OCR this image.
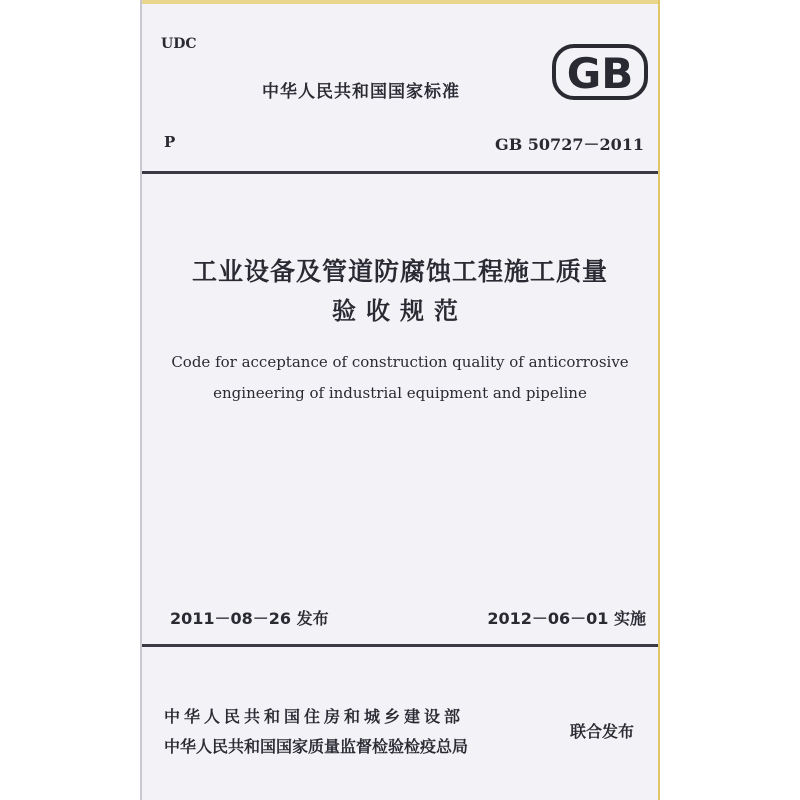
UDC
中华人民共和国国家标准	GB
P	GB 50727－2011
工业设备及管道防腐蚀工程施工质量
验收规范
Code for acceptance of construction quality of anticorrosive
engineering of industrial equipment and pipeline
2011－08－26 发布	2012－06－01 实施
中华人民共和国住房和城乡建设部
中华人民共和国国家质量监督检验检疫总局
联合发布
